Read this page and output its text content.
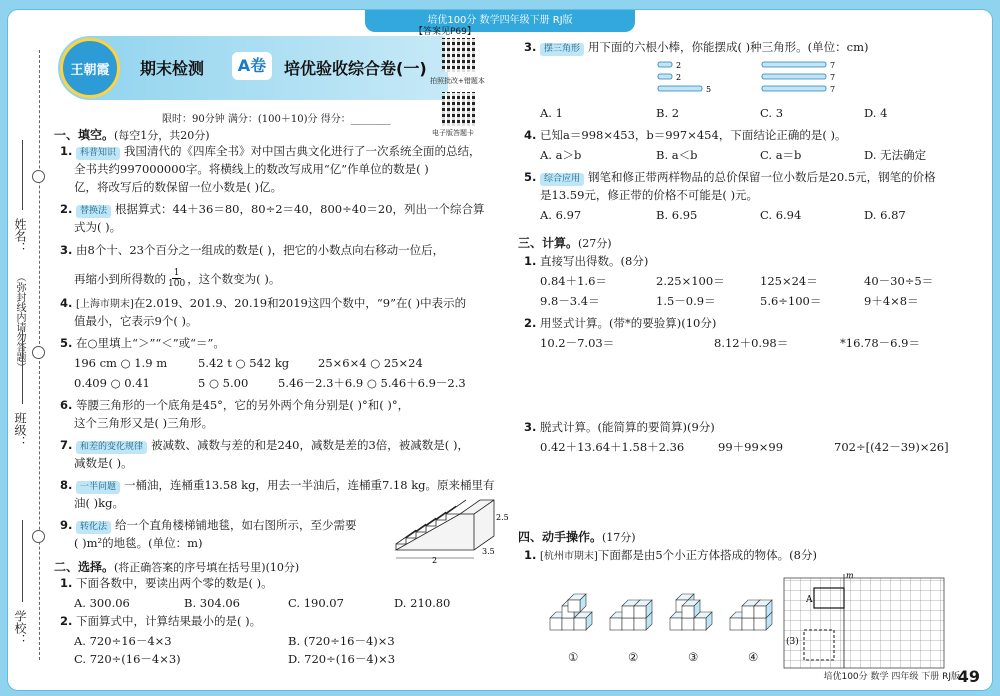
培优100分 数学四年级下册 RJ版
姓名：
（弥封线内请勿答题）
班级：
学校：
王朝霞	期末检测	A卷	培优验收综合卷(一)
【答案见P69】
拍照批改+错题本
电子版答题卡
限时：90分钟 满分：(100＋10)分 得分：________
一、填空。(每空1分，共20分)
1. 科普知识 我国清代的《四库全书》对中国古典文化进行了一次系统全面的总结，
全书共约997000000字。将横线上的数改写成用“亿”作单位的数是( )
亿，将改写后的数保留一位小数是( )亿。
2. 替换法 根据算式：44＋36＝80，80÷2＝40，800÷40＝20，列出一个综合算
式为( )。
3. 由8个十、23个百分之一组成的数是( )，把它的小数点向右移动一位后，
再缩小到所得数的 1
100 ，这个数变为( )。
4. [上海市期末]在2.019、201.9、20.19和2019这四个数中，“9”在( )中表示的
值最小，它表示9个( )。
5. 在○里填上“＞”“＜”或“＝”。
196 cm ○ 1.9 m	5.42 t ○ 542 kg	25×6×4 ○ 25×24
0.409 ○ 0.41	5 ○ 5.00	5.46－2.3＋6.9 ○ 5.46＋6.9－2.3
6. 等腰三角形的一个底角是45°，它的另外两个角分别是( )°和( )°，
这个三角形又是( )三角形。
7. 和差的变化规律 被减数、减数与差的和是240，减数是差的3倍，被减数是( )，
减数是( )。
8. 一半问题 一桶油，连桶重13.58 kg，用去一半油后，连桶重7.18 kg。原来桶里有
油( )kg。
9. 转化法 给一个直角楼梯铺地毯，如右图所示，至少需要
( )m²的地毯。(单位：m)
2
3.5
2.5
二、选择。(将正确答案的序号填在括号里)(10分)
1. 下面各数中，要读出两个零的数是( )。
A. 300.06	B. 304.06	C. 190.07	D. 210.80
2. 下面算式中，计算结果最小的是( )。
A. 720÷16－4×3	B. (720÷16－4)×3
C. 720÷(16－4×3)	D. 720÷(16－4)×3
3. 摆三角形 用下面的六根小棒，你能摆成( )种三角形。(单位：cm)
2
2
5
7
7
7
A. 1	B. 2	C. 3	D. 4
4. 已知a＝998×453，b＝997×454，下面结论正确的是( )。
A. a＞b	B. a＜b	C. a＝b	D. 无法确定
5. 综合应用 钢笔和修正带两样物品的总价保留一位小数后是20.5元，钢笔的价格
是13.59元，修正带的价格不可能是( )元。
A. 6.97	B. 6.95	C. 6.94	D. 6.87
三、计算。(27分)
1. 直接写出得数。(8分)
0.84＋1.6＝	2.25×100＝	125×24＝	40－30÷5＝
9.8－3.4＝	1.5－0.9＝	5.6÷100＝	9＋4×8＝
2. 用竖式计算。(带*的要验算)(10分)
10.2－7.03＝	8.12＋0.98＝	*16.78－6.9＝
3. 脱式计算。(能简算的要简算)(9分)
0.42＋13.64＋1.58＋2.36	99＋99×99	702÷[(42－39)×26]
四、动手操作。(17分)
1. [杭州市期末]下面都是由5个小正方体搭成的物体。(8分)
①	②	③	④
m
A
(3)
培优100分 数学 四年级 下册 RJ版
49
